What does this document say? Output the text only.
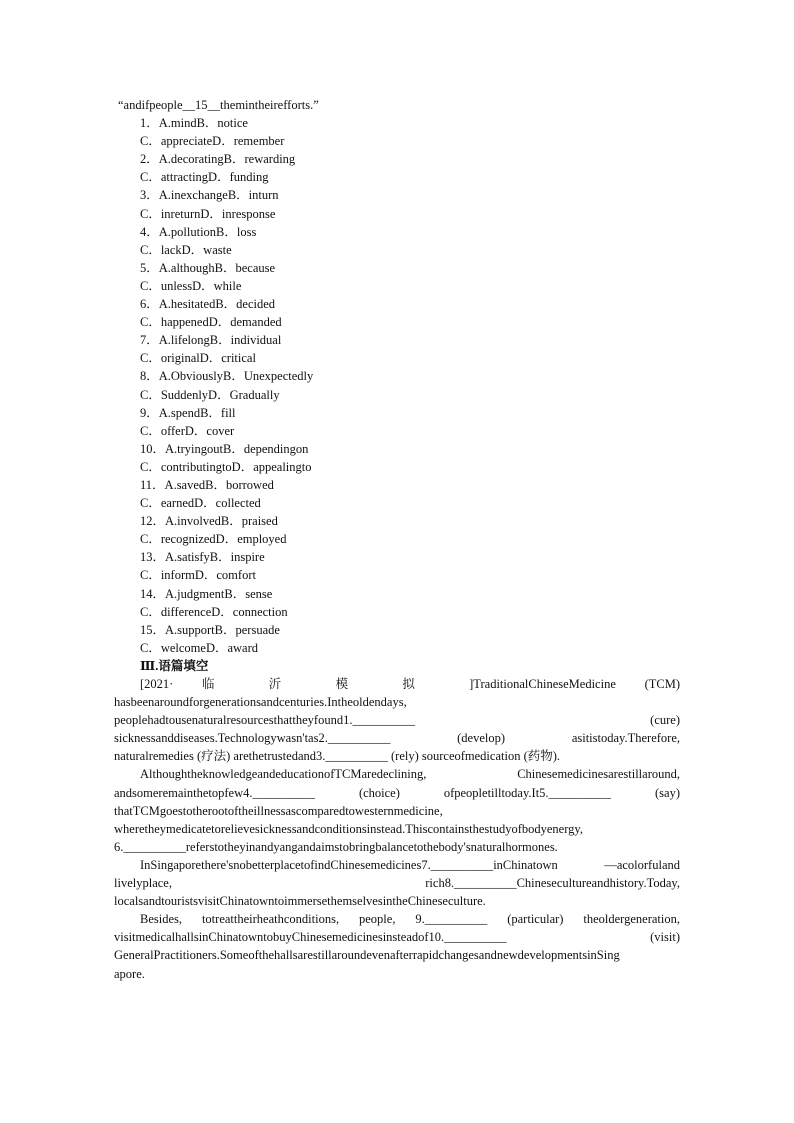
“andifpeople__15__themintheirefforts.”
1．A.mindB．notice
C．appreciateD．remember
2．A.decoratingB．rewarding
C．attractingD．funding
3．A.inexchangeB．inturn
C．inreturnD．inresponse
4．A.pollutionB．loss
C．lackD．waste
5．A.althoughB．because
C．unlessD．while
6．A.hesitatedB．decided
C．happenedD．demanded
7．A.lifelongB．individual
C．originalD．critical
8．A.ObviouslyB．Unexpectedly
C．SuddenlyD．Gradually
9．A.spendB．fill
C．offerD．cover
10．A.tryingoutB．dependingon
C．contributingtoD．appealingto
11．A.savedB．borrowed
C．earnedD．collected
12．A.involvedB．praised
C．recognizedD．employed
13．A.satisfyB．inspire
C．informD．comfort
14．A.judgmentB．sense
C．differenceD．connection
15．A.supportB．persuade
C．welcomeD．award
Ⅲ.语篇填空
[2021· 临 沂 模 拟 ]TraditionalChineseMedicine (TCM)
hasbeenaroundforgenerationsandcenturies.Intheoldendays,
peoplehadtousenaturalresourcesthattheyfound1.__________ (cure)
sicknessanddiseases.Technologywasn'tas2.__________ (develop) asitistoday.Therefore,
naturalremedies (疗法) arethetrustedand3.__________ (rely) sourceofmedication (药物).
AlthoughtheknowledgeandeducationofTCMaredeclining, Chinesemedicinesarestillaround,
andsomeremainthetopfew4.__________ (choice) ofpeopletilltoday.It5.__________ (say)
thatTCMgoestotherootoftheillnessascomparedtowesternmedicine,
wheretheymedicatetorelievesicknessandconditionsinstead.Thiscontainsthestudyofbodyenergy,
6.__________referstotheyinandyangandaimstobringbalancetothebody'snaturalhormones.
InSingaporethere'snobetterplacetofindChinesemedicines7.__________inChinatown —acolorfuland
livelyplace, rich8.__________Chinesecultureandhistory.Today,
localsandtouristsvisitChinatowntoimmersethemselvesintheChineseculture.
Besides, totreattheirheathconditions, people, 9.__________ (particular) theoldergeneration,
visitmedicalhallsinChinatowntobuyChinesemedicinesinsteadof10.__________ (visit)
GeneralPractitioners.SomeofthehallsarestillaroundevenafterrapidchangesandnewdevelopmentsinSing
apore.
